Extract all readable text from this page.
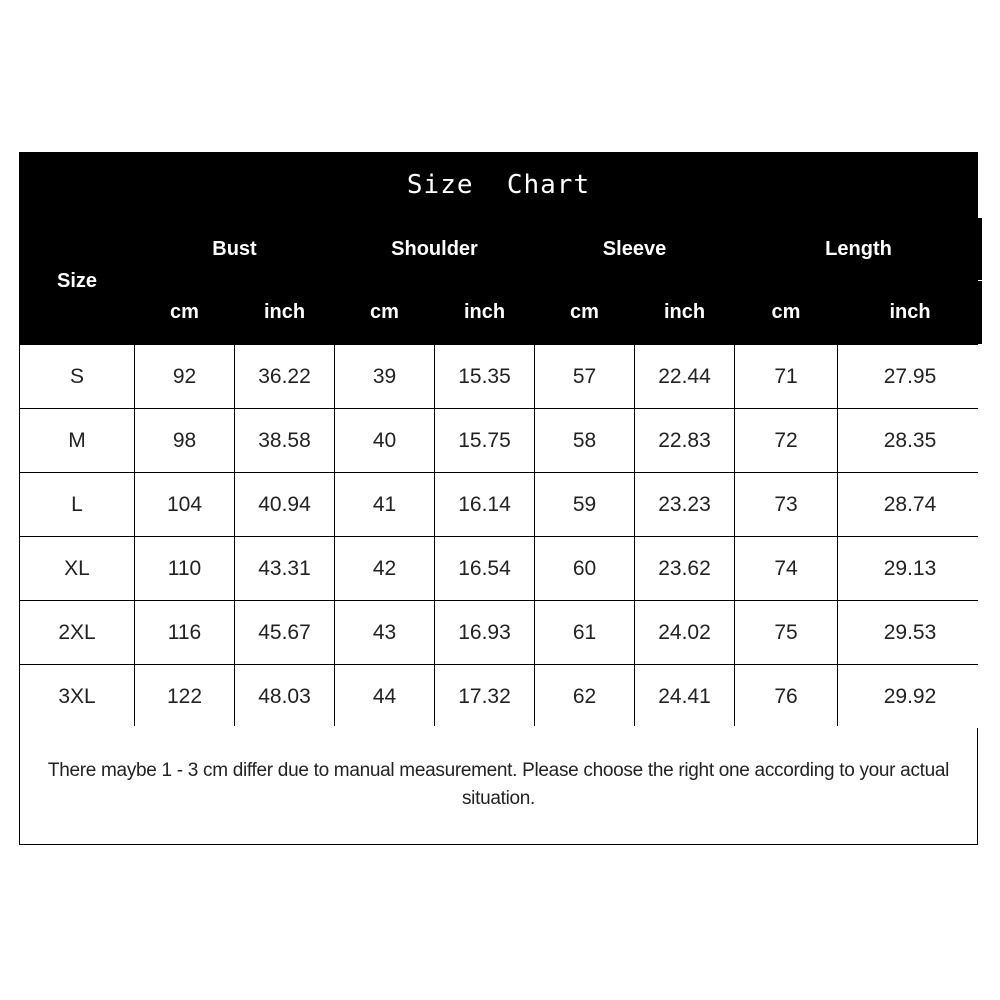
Size  Chart
Size
Bust	Shoulder	Sleeve	Length
cm	inch	cm	inch	cm	inch	cm	inch
S	92	36.22	39	15.35	57	22.44	71	27.95
M	98	38.58	40	15.75	58	22.83	72	28.35
L	104	40.94	41	16.14	59	23.23	73	28.74
XL	110	43.31	42	16.54	60	23.62	74	29.13
2XL	116	45.67	43	16.93	61	24.02	75	29.53
3XL	122	48.03	44	17.32	62	24.41	76	29.92
There maybe 1 - 3 cm differ due to manual measurement. Please choose the right one according to your actual situation.
